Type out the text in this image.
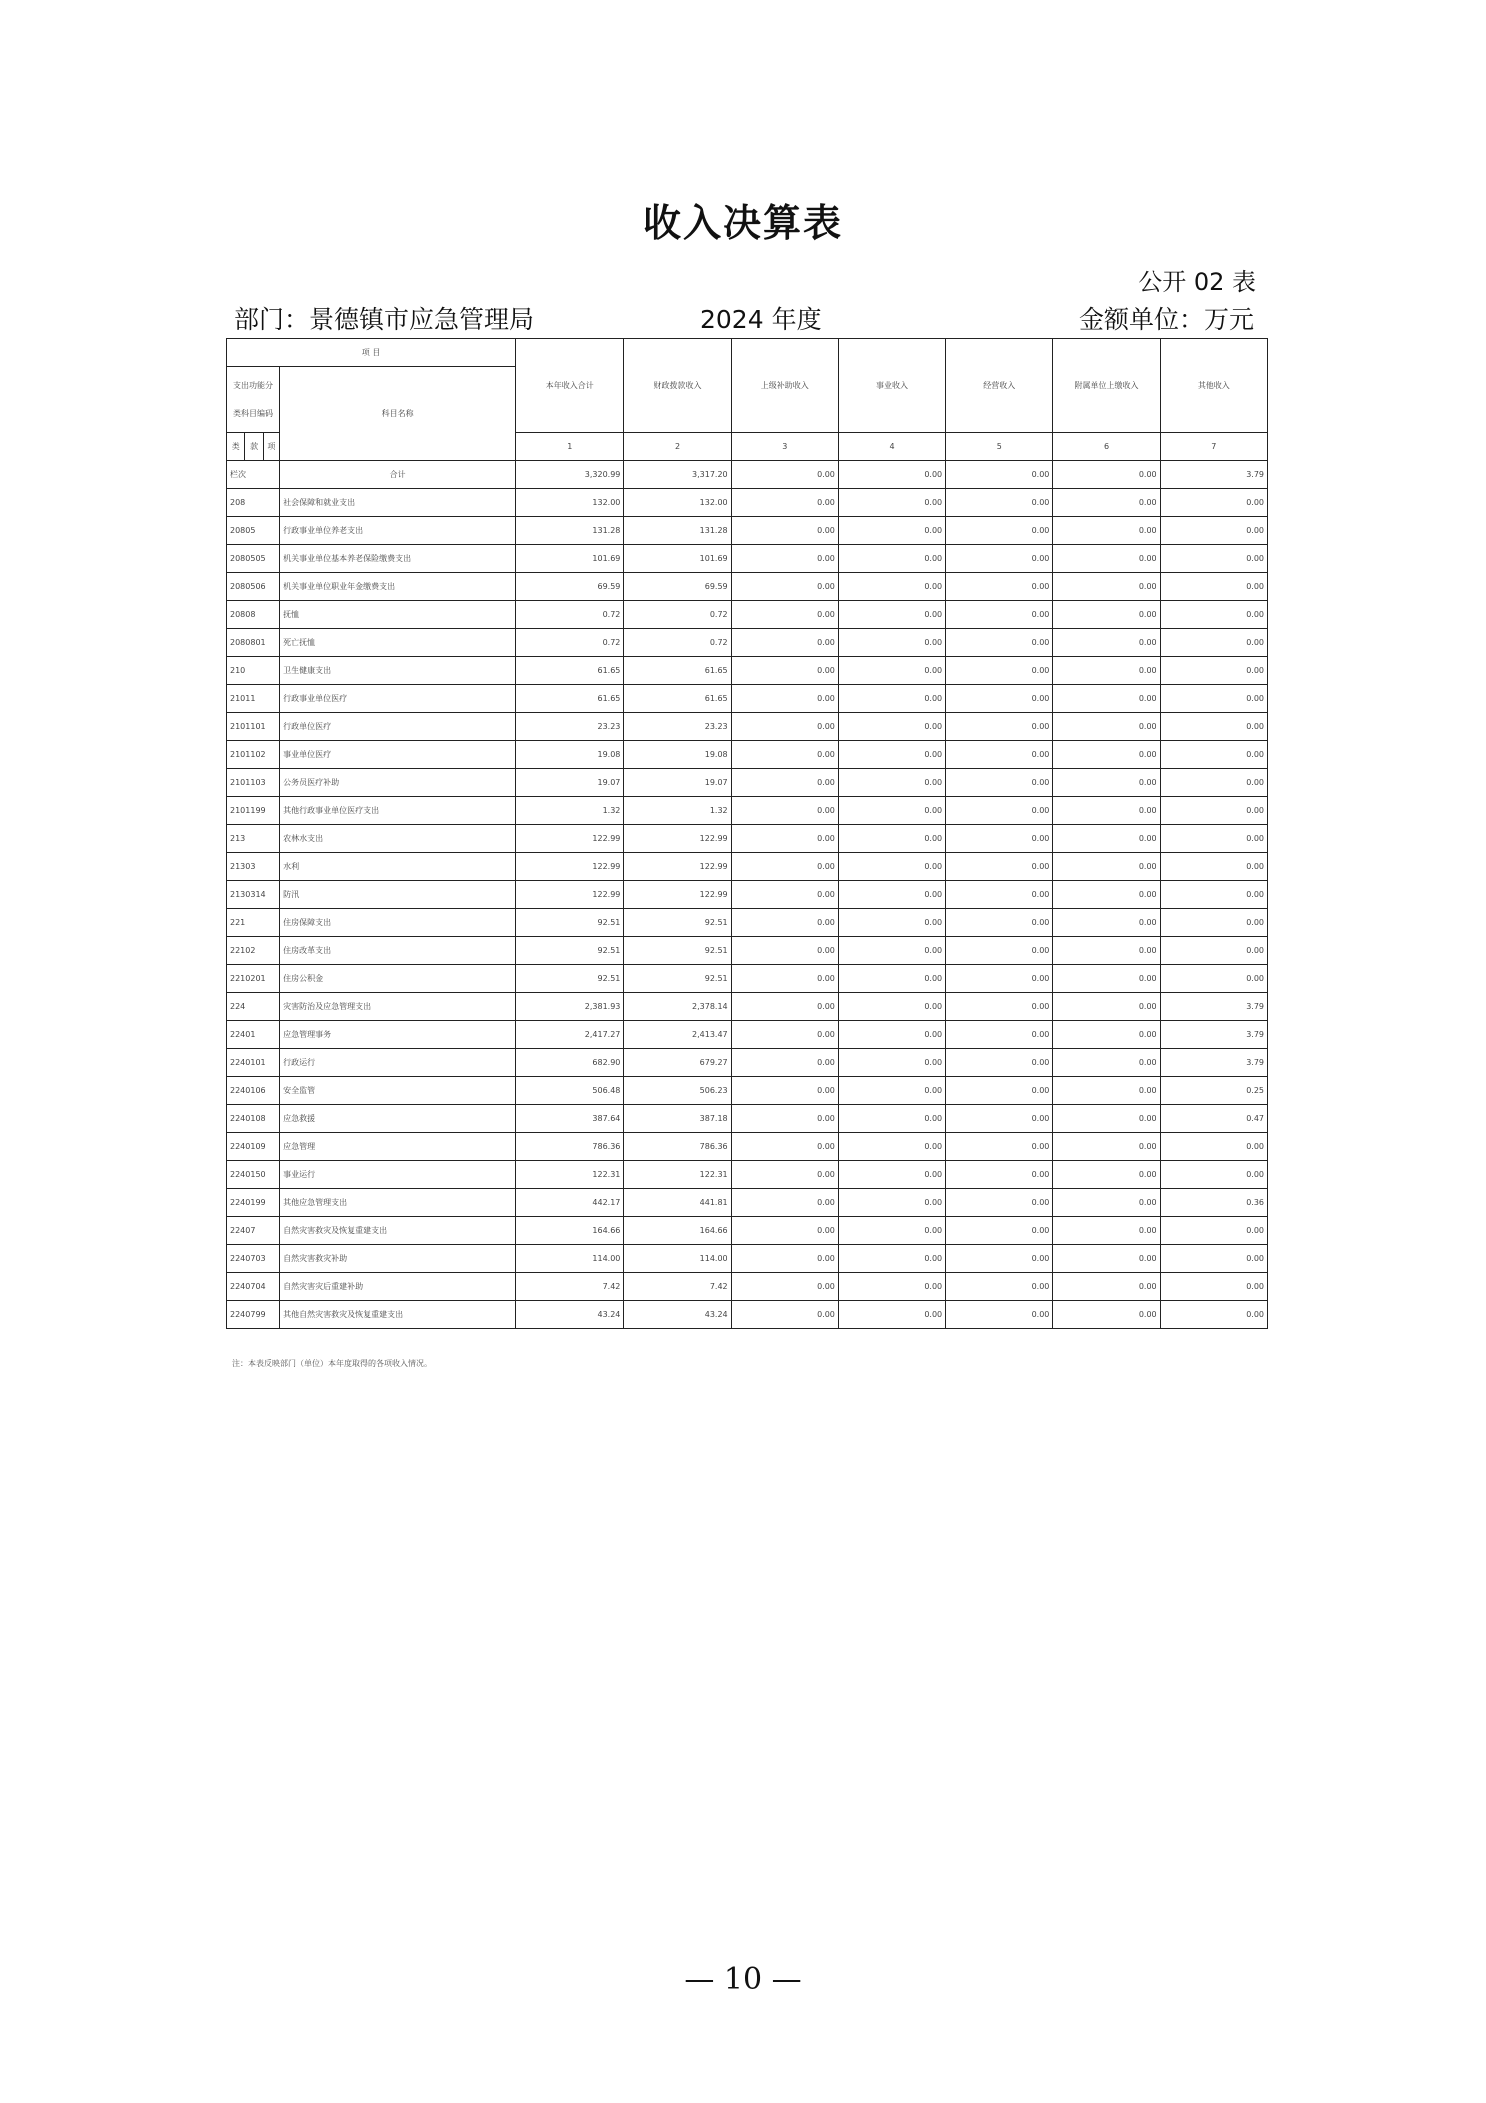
收入决算表
公开 02 表
部门：景德镇市应急管理局	2024 年度	金额单位：万元
项 目				本年收入合计	财政拨款收入	上级补助收入	事业收入	经营收入	附属单位上缴收入	其他收入
支出功能分类科目编码			科目名称							
类	款	项		1	2	3	4	5	6	7
栏次			合计	3,320.99	3,317.20	0.00	0.00	0.00	0.00	3.79
208			社会保障和就业支出	132.00	132.00	0.00	0.00	0.00	0.00	0.00
20805			行政事业单位养老支出	131.28	131.28	0.00	0.00	0.00	0.00	0.00
2080505			机关事业单位基本养老保险缴费支出	101.69	101.69	0.00	0.00	0.00	0.00	0.00
2080506			机关事业单位职业年金缴费支出	69.59	69.59	0.00	0.00	0.00	0.00	0.00
20808			抚恤	0.72	0.72	0.00	0.00	0.00	0.00	0.00
2080801			死亡抚恤	0.72	0.72	0.00	0.00	0.00	0.00	0.00
210			卫生健康支出	61.65	61.65	0.00	0.00	0.00	0.00	0.00
21011			行政事业单位医疗	61.65	61.65	0.00	0.00	0.00	0.00	0.00
2101101			行政单位医疗	23.23	23.23	0.00	0.00	0.00	0.00	0.00
2101102			事业单位医疗	19.08	19.08	0.00	0.00	0.00	0.00	0.00
2101103			公务员医疗补助	19.07	19.07	0.00	0.00	0.00	0.00	0.00
2101199			其他行政事业单位医疗支出	1.32	1.32	0.00	0.00	0.00	0.00	0.00
213			农林水支出	122.99	122.99	0.00	0.00	0.00	0.00	0.00
21303			水利	122.99	122.99	0.00	0.00	0.00	0.00	0.00
2130314			防汛	122.99	122.99	0.00	0.00	0.00	0.00	0.00
221			住房保障支出	92.51	92.51	0.00	0.00	0.00	0.00	0.00
22102			住房改革支出	92.51	92.51	0.00	0.00	0.00	0.00	0.00
2210201			住房公积金	92.51	92.51	0.00	0.00	0.00	0.00	0.00
224			灾害防治及应急管理支出	2,381.93	2,378.14	0.00	0.00	0.00	0.00	3.79
22401			应急管理事务	2,417.27	2,413.47	0.00	0.00	0.00	0.00	3.79
2240101			行政运行	682.90	679.27	0.00	0.00	0.00	0.00	3.79
2240106			安全监管	506.48	506.23	0.00	0.00	0.00	0.00	0.25
2240108			应急救援	387.64	387.18	0.00	0.00	0.00	0.00	0.47
2240109			应急管理	786.36	786.36	0.00	0.00	0.00	0.00	0.00
2240150			事业运行	122.31	122.31	0.00	0.00	0.00	0.00	0.00
2240199			其他应急管理支出	442.17	441.81	0.00	0.00	0.00	0.00	0.36
22407			自然灾害救灾及恢复重建支出	164.66	164.66	0.00	0.00	0.00	0.00	0.00
2240703			自然灾害救灾补助	114.00	114.00	0.00	0.00	0.00	0.00	0.00
2240704			自然灾害灾后重建补助	7.42	7.42	0.00	0.00	0.00	0.00	0.00
2240799			其他自然灾害救灾及恢复重建支出	43.24	43.24	0.00	0.00	0.00	0.00	0.00
注：本表反映部门（单位）本年度取得的各项收入情况。
— 10 —
